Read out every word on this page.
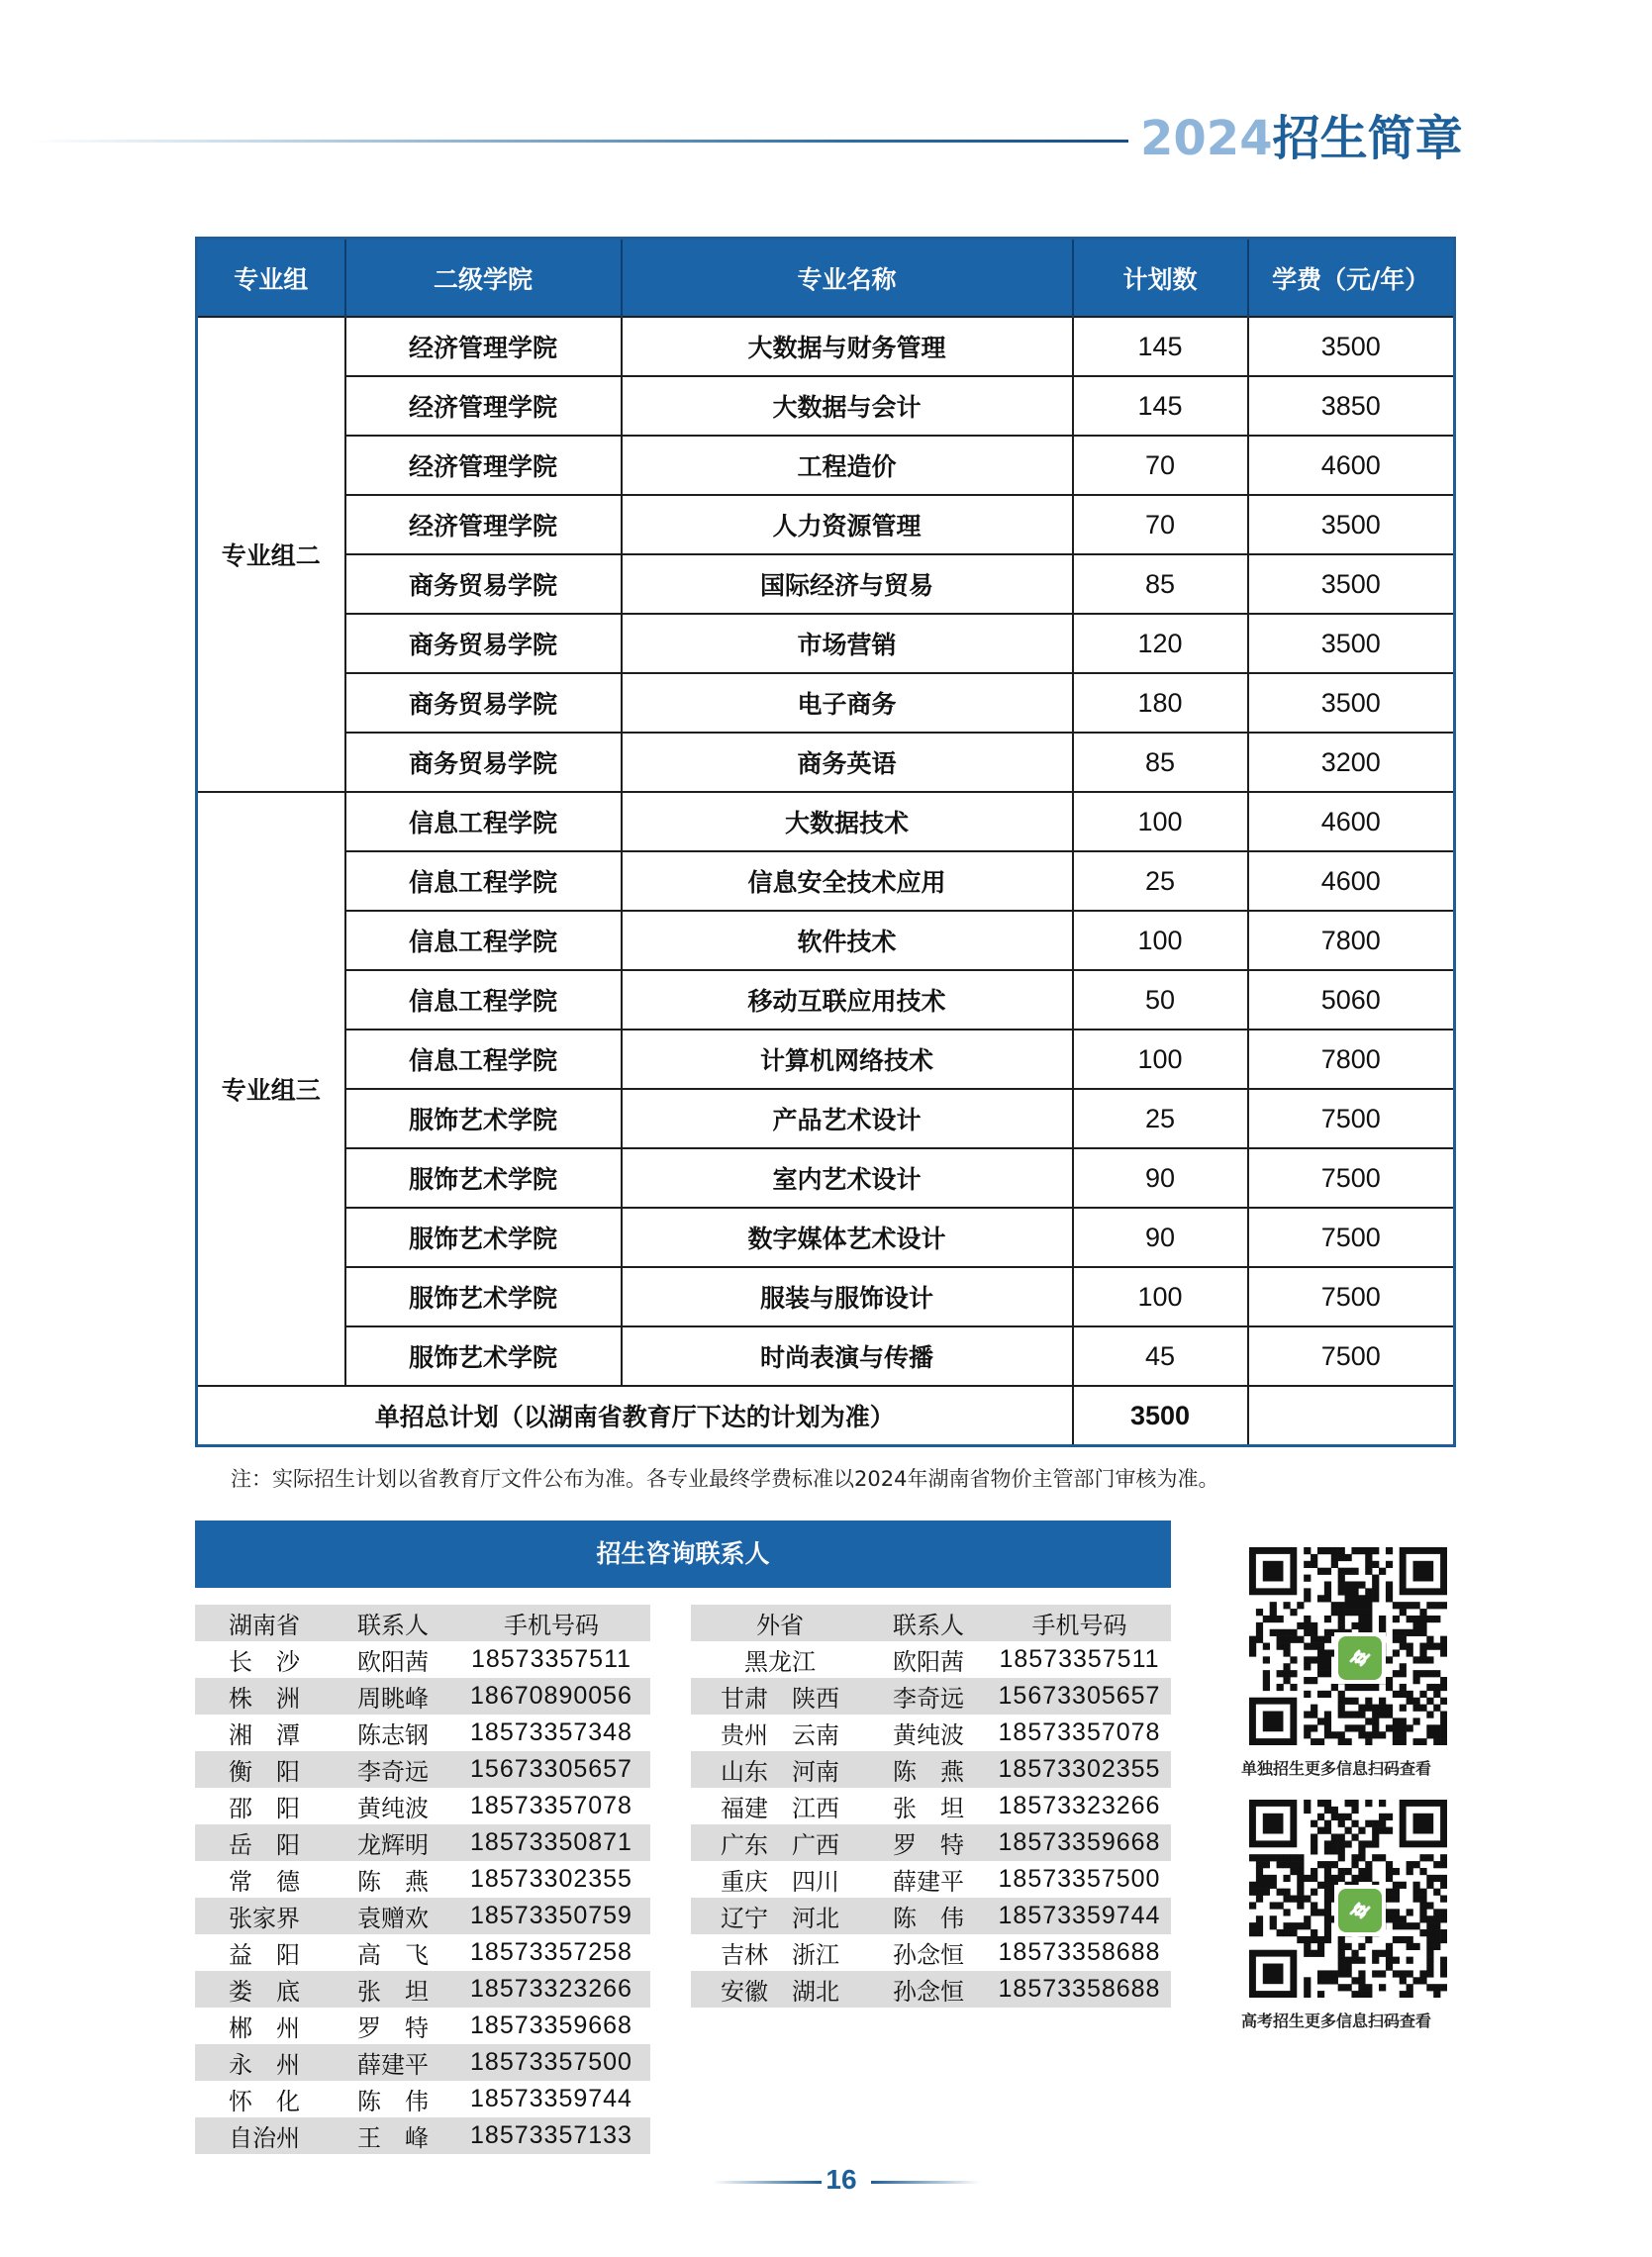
2024招生简章
专业组	二级学院	专业名称	计划数	学费（元/年）
专业组二	经济管理学院	大数据与财务管理	145	3500
	经济管理学院	大数据与会计	145	3850
	经济管理学院	工程造价	70	4600
	经济管理学院	人力资源管理	70	3500
	商务贸易学院	国际经济与贸易	85	3500
	商务贸易学院	市场营销	120	3500
	商务贸易学院	电子商务	180	3500
	商务贸易学院	商务英语	85	3200
专业组三	信息工程学院	大数据技术	100	4600
	信息工程学院	信息安全技术应用	25	4600
	信息工程学院	软件技术	100	7800
	信息工程学院	移动互联应用技术	50	5060
	信息工程学院	计算机网络技术	100	7800
	服饰艺术学院	产品艺术设计	25	7500
	服饰艺术学院	室内艺术设计	90	7500
	服饰艺术学院	数字媒体艺术设计	90	7500
	服饰艺术学院	服装与服饰设计	100	7500
	服饰艺术学院	时尚表演与传播	45	7500
单招总计划（以湖南省教育厅下达的计划为准）			3500	
注：实际招生计划以省教育厅文件公布为准。各专业最终学费标准以2024年湖南省物价主管部门审核为准。
招生咨询联系人
湖南省	联系人	手机号码
长　沙	欧阳茜	18573357511
株　洲	周眺峰	18670890056
湘　潭	陈志钢	18573357348
衡　阳	李奇远	15673305657
邵　阳	黄纯波	18573357078
岳　阳	龙辉明	18573350871
常　德	陈　燕	18573302355
张家界	袁赠欢	18573350759
益　阳	高　飞	18573357258
娄　底	张　坦	18573323266
郴　州	罗　特	18573359668
永　州	薛建平	18573357500
怀　化	陈　伟	18573359744
自治州	王　峰	18573357133
外省	联系人	手机号码
黑龙江	欧阳茜	18573357511
甘肃　陕西	李奇远	15673305657
贵州　云南	黄纯波	18573357078
山东　河南	陈　燕	18573302355
福建　江西	张　坦	18573323266
广东　广西	罗　特	18573359668
重庆　四川	薛建平	18573357500
辽宁　河北	陈　伟	18573359744
吉林　浙江	孙念恒	18573358688
安徽　湖北	孙念恒	18573358688
单独招生更多信息扫码查看
高考招生更多信息扫码查看
16
